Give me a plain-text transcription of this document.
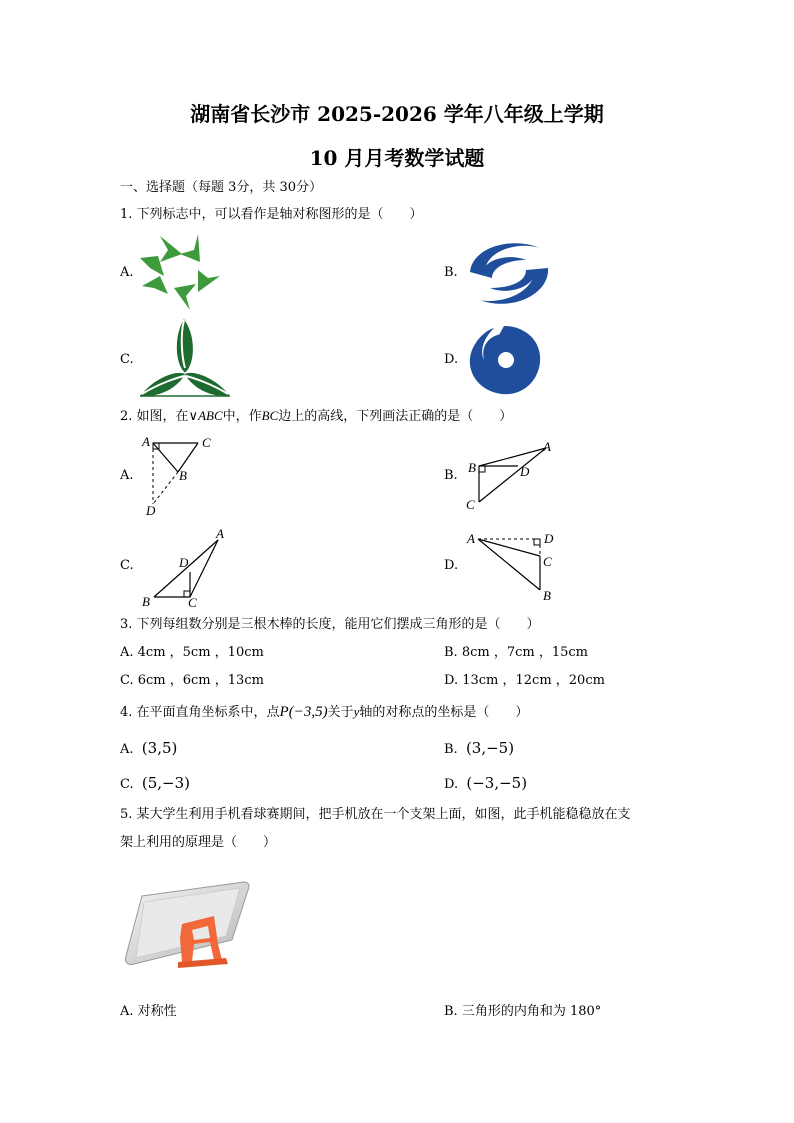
湖南省长沙市 2025-2026 学年八年级上学期
10 月月考数学试题
一、选择题（每题 3分，共 30分）
1. 下列标志中，可以看作是轴对称图形的是（　　）
A.	B.
C.	D.
2. 如图，在∨ABC中，作BC边上的高线，下列画法正确的是（　　）
A.
A	C
B
D
B.
A
B	D
C
C.
A
D
B	C
D.
A	D
C
B
3. 下列每组数分别是三根木棒的长度，能用它们摆成三角形的是（　　）
A. 4cm ，5cm ，10cm	B. 8cm ，7cm ，15cm
C. 6cm ，6cm ，13cm	D. 13cm ，12cm ，20cm
4. 在平面直角坐标系中，点P(−3,5)关于y轴的对称点的坐标是（　　）
A. (3,5)	B. (3,−5)
C. (5,−3)	D. (−3,−5)
5. 某大学生利用手机看球赛期间，把手机放在一个支架上面，如图，此手机能稳稳放在支
架上利用的原理是（　　）
A. 对称性	B. 三角形的内角和为 180°
